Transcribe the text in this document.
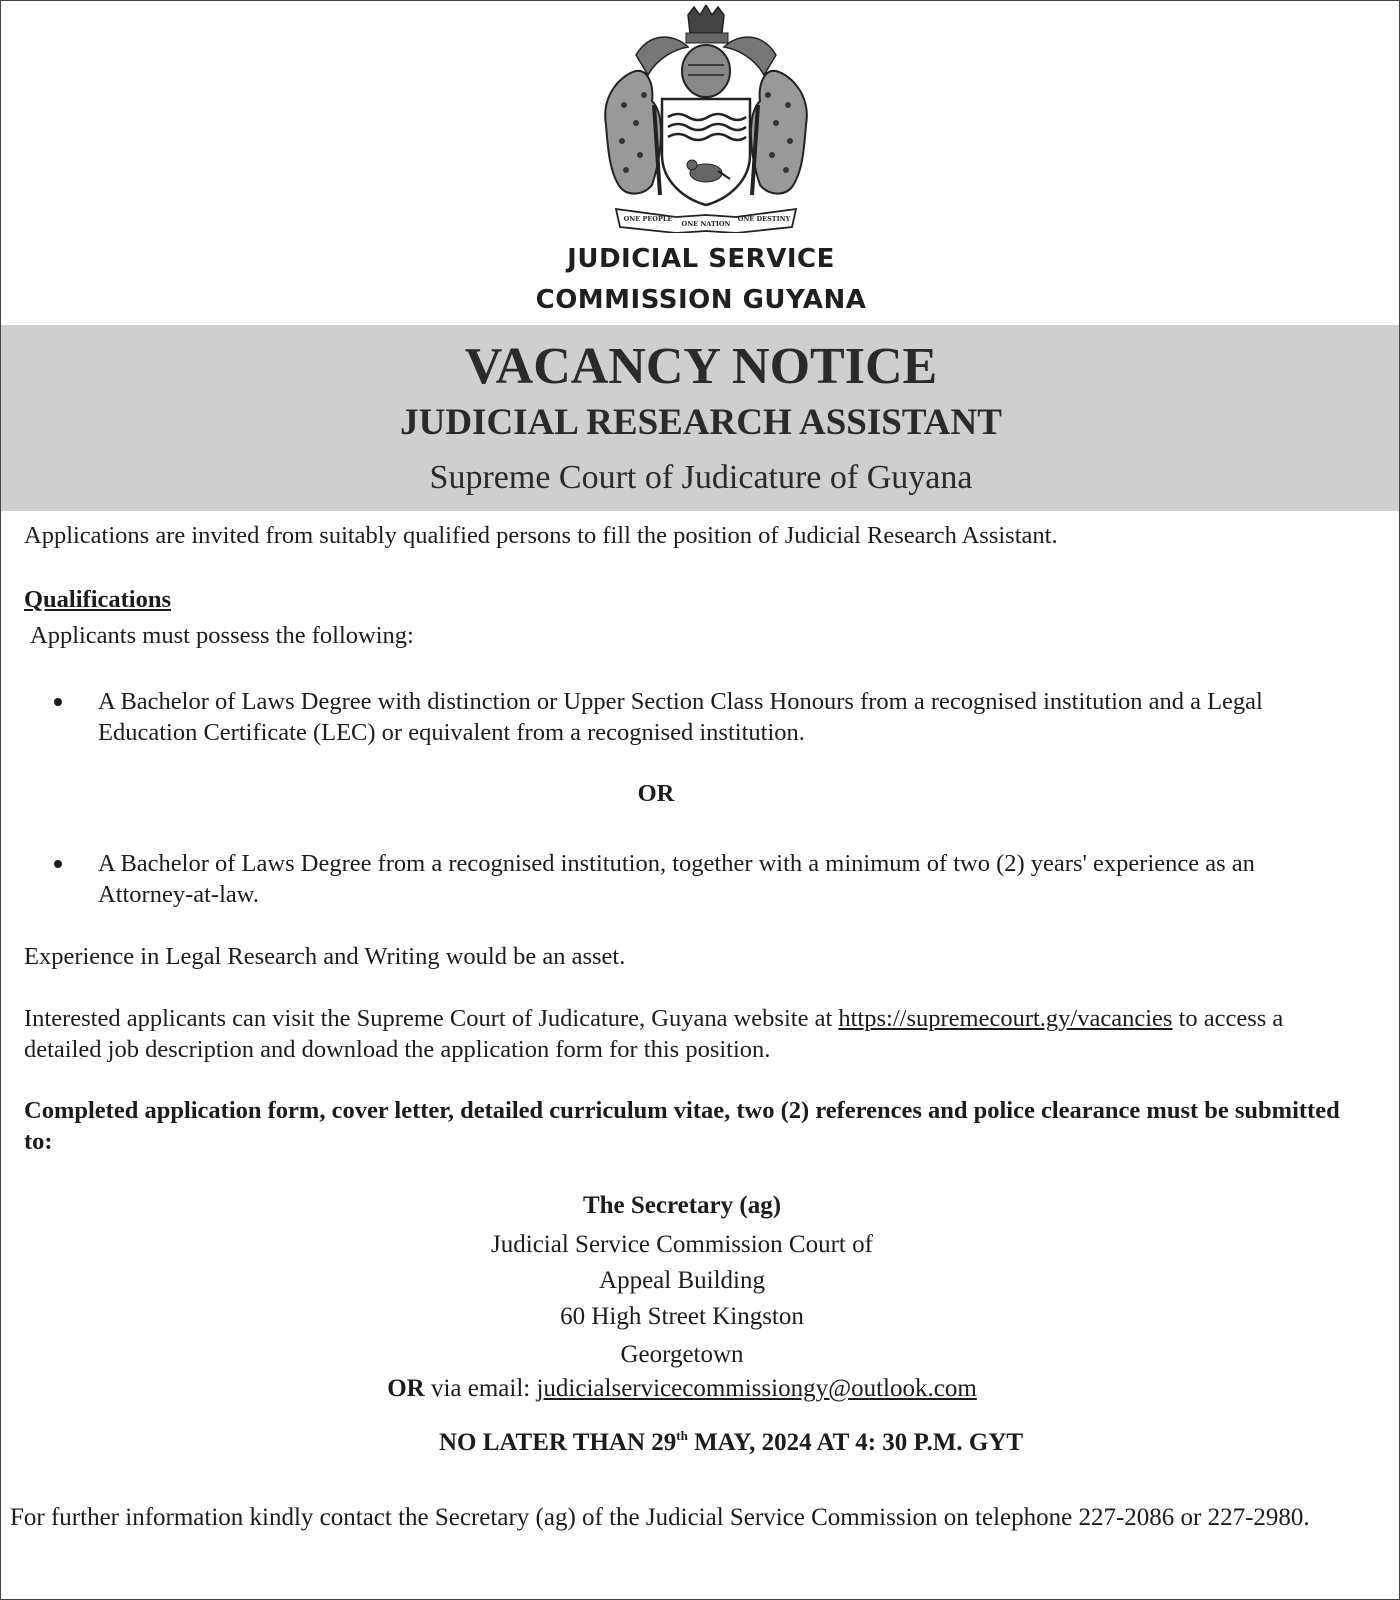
ONE PEOPLE
ONE NATION
ONE DESTINY
JUDICIAL SERVICE
COMMISSION GUYANA
VACANCY NOTICE
JUDICIAL RESEARCH ASSISTANT
Supreme Court of Judicature of Guyana
Applications are invited from suitably qualified persons to fill the position of Judicial Research Assistant.
Qualifications
Applicants must possess the following:
A Bachelor of Laws Degree with distinction or Upper Section Class Honours from a recognised institution and a Legal Education Certificate (LEC) or equivalent from a recognised institution.
OR
A Bachelor of Laws Degree from a recognised institution, together with a minimum of two (2) years' experience as an Attorney-at-law.
Experience in Legal Research and Writing would be an asset.
Interested applicants can visit the Supreme Court of Judicature, Guyana website at https://supremecourt.gy/vacancies to access a detailed job description and download the application form for this position.
Completed application form, cover letter, detailed curriculum vitae, two (2) references and police clearance must be submitted to:
The Secretary (ag)
Judicial Service Commission Court of
Appeal Building
60 High Street Kingston
Georgetown
OR via email: judicialservicecommissiongy@outlook.com
NO LATER THAN 29th MAY, 2024 AT 4: 30 P.M. GYT
For further information kindly contact the Secretary (ag) of the Judicial Service Commission on telephone 227-2086 or 227-2980.
